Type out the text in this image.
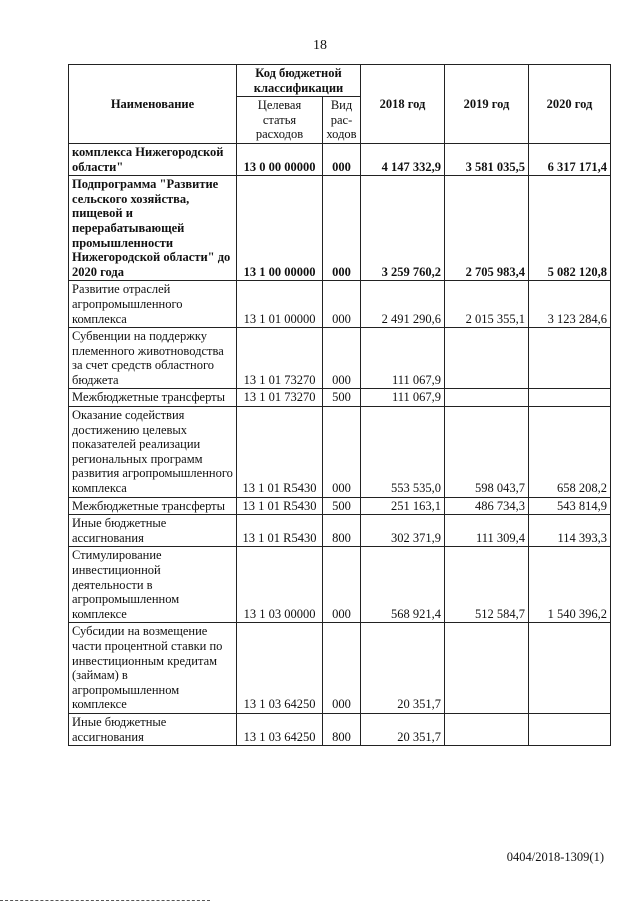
18
Наименование	Код бюджетной классификации		2018 год	2019 год	2020 год
	Целевая статья расходов	Вид рас-ходов			
комплекса Нижегородской области"	13 0 00 00000	000	4 147 332,9	3 581 035,5	6 317 171,4
Подпрограмма "Развитие сельского хозяйства, пищевой и перерабатывающей промышленности Нижегородской области" до 2020 года	13 1 00 00000	000	3 259 760,2	2 705 983,4	5 082 120,8
Развитие отраслей агропромышленного комплекса	13 1 01 00000	000	2 491 290,6	2 015 355,1	3 123 284,6
Субвенции на поддержку племенного животноводства за счет средств областного бюджета	13 1 01 73270	000	111 067,9		
Межбюджетные трансферты	13 1 01 73270	500	111 067,9		
Оказание содействия достижению целевых показателей реализации региональных программ развития агропромышленного комплекса	13 1 01 R5430	000	553 535,0	598 043,7	658 208,2
Межбюджетные трансферты	13 1 01 R5430	500	251 163,1	486 734,3	543 814,9
Иные бюджетные ассигнования	13 1 01 R5430	800	302 371,9	111 309,4	114 393,3
Стимулирование инвестиционной деятельности в агропромышленном комплексе	13 1 03 00000	000	568 921,4	512 584,7	1 540 396,2
Субсидии на возмещение части процентной ставки по инвестиционным кредитам (займам) в агропромышленном комплексе	13 1 03 64250	000	20 351,7		
Иные бюджетные ассигнования	13 1 03 64250	800	20 351,7		
0404/2018-1309(1)
